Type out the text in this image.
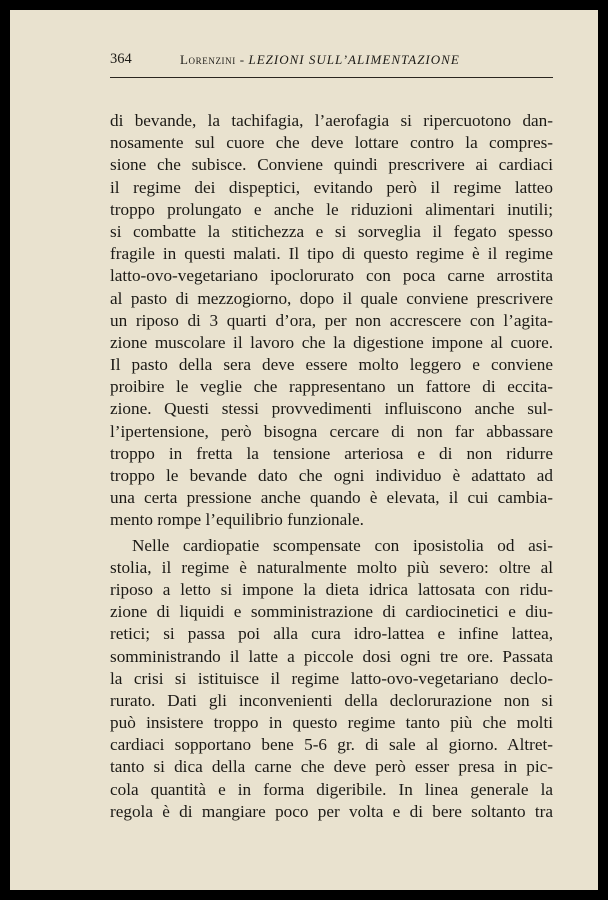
364	Lorenzini - LEZIONI SULL’ALIMENTAZIONE
di bevande, la tachifagia, l’aerofagia si ripercuotono dan-
nosamente sul cuore che deve lottare contro la compres-
sione che subisce. Conviene quindi prescrivere ai cardiaci
il regime dei dispeptici, evitando però il regime latteo
troppo prolungato e anche le riduzioni alimentari inutili;
si combatte la stitichezza e si sorveglia il fegato spesso
fragile in questi malati. Il tipo di questo regime è il regime
latto-ovo-vegetariano ipoclorurato con poca carne arrostita
al pasto di mezzogiorno, dopo il quale conviene prescrivere
un riposo di 3 quarti d’ora, per non accrescere con l’agita-
zione muscolare il lavoro che la digestione impone al cuore.
Il pasto della sera deve essere molto leggero e conviene
proibire le veglie che rappresentano un fattore di eccita-
zione. Questi stessi provvedimenti influiscono anche sul-
l’ipertensione, però bisogna cercare di non far abbassare
troppo in fretta la tensione arteriosa e di non ridurre
troppo le bevande dato che ogni individuo è adattato ad
una certa pressione anche quando è elevata, il cui cambia-
mento rompe l’equilibrio funzionale.
Nelle cardiopatie scompensate con iposistolia od asi-
stolia, il regime è naturalmente molto più severo: oltre al
riposo a letto si impone la dieta idrica lattosata con ridu-
zione di liquidi e somministrazione di cardiocinetici e diu-
retici; si passa poi alla cura idro-lattea e infine lattea,
somministrando il latte a piccole dosi ogni tre ore. Passata
la crisi si istituisce il regime latto-ovo-vegetariano declo-
rurato. Dati gli inconvenienti della declorurazione non si
può insistere troppo in questo regime tanto più che molti
cardiaci sopportano bene 5-6 gr. di sale al giorno. Altret-
tanto si dica della carne che deve però esser presa in pic-
cola quantità e in forma digeribile. In linea generale la
regola è di mangiare poco per volta e di bere soltanto tra
